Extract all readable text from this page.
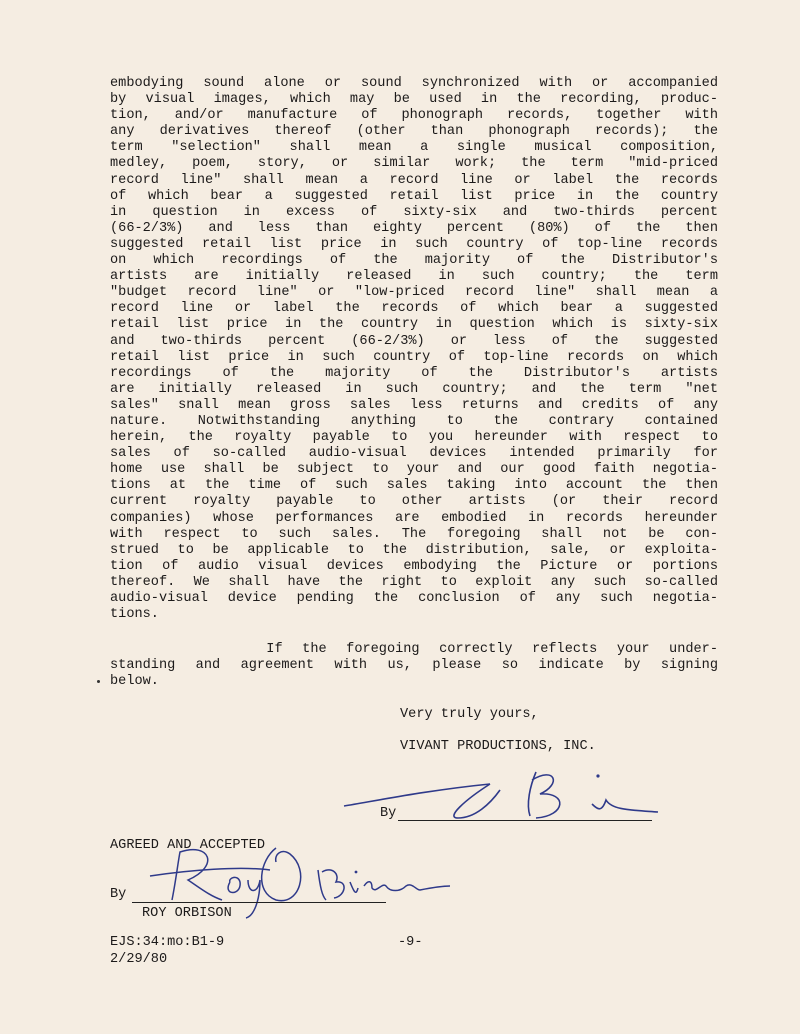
embodying sound alone or sound synchronized with or accompanied
by visual images, which may be used in the recording, produc-
tion, and/or manufacture of phonograph records, together with
any derivatives thereof (other than phonograph records); the
term "selection" shall mean a single musical composition,
medley, poem, story, or similar work; the term "mid-priced
record line" shall mean a record line or label the records
of which bear a suggested retail list price in the country
in question in excess of sixty-six and two-thirds percent
(66-2/3%) and less than eighty percent (80%) of the then
suggested retail list price in such country of top-line records
on which recordings of the majority of the Distributor's
artists are initially released in such country; the term
"budget record line" or "low-priced record line" shall mean a
record line or label the records of which bear a suggested
retail list price in the country in question which is sixty-six
and two-thirds percent (66-2/3%) or less of the suggested
retail list price in such country of top-line records on which
recordings of the majority of the Distributor's artists
are initially released in such country; and the term "net
sales" snall mean gross sales less returns and credits of any
nature. Notwithstanding anything to the contrary contained
herein, the royalty payable to you hereunder with respect to
sales of so-called audio-visual devices intended primarily for
home use shall be subject to your and our good faith negotia-
tions at the time of such sales taking into account the then
current royalty payable to other artists (or their record
companies) whose performances are embodied in records hereunder
with respect to such sales. The foregoing shall not be con-
strued to be applicable to the distribution, sale, or exploita-
tion of audio visual devices embodying the Picture or portions
thereof. We shall have the right to exploit any such so-called
audio-visual device pending the conclusion of any such negotia-
tions.
If the foregoing correctly reflects your under-
standing and agreement with us, please so indicate by signing
below.
Very truly yours,
VIVANT PRODUCTIONS, INC.
By
AGREED AND ACCEPTED
By
ROY ORBISON
EJS:34:mo:B1-9	-9-
2/29/80
